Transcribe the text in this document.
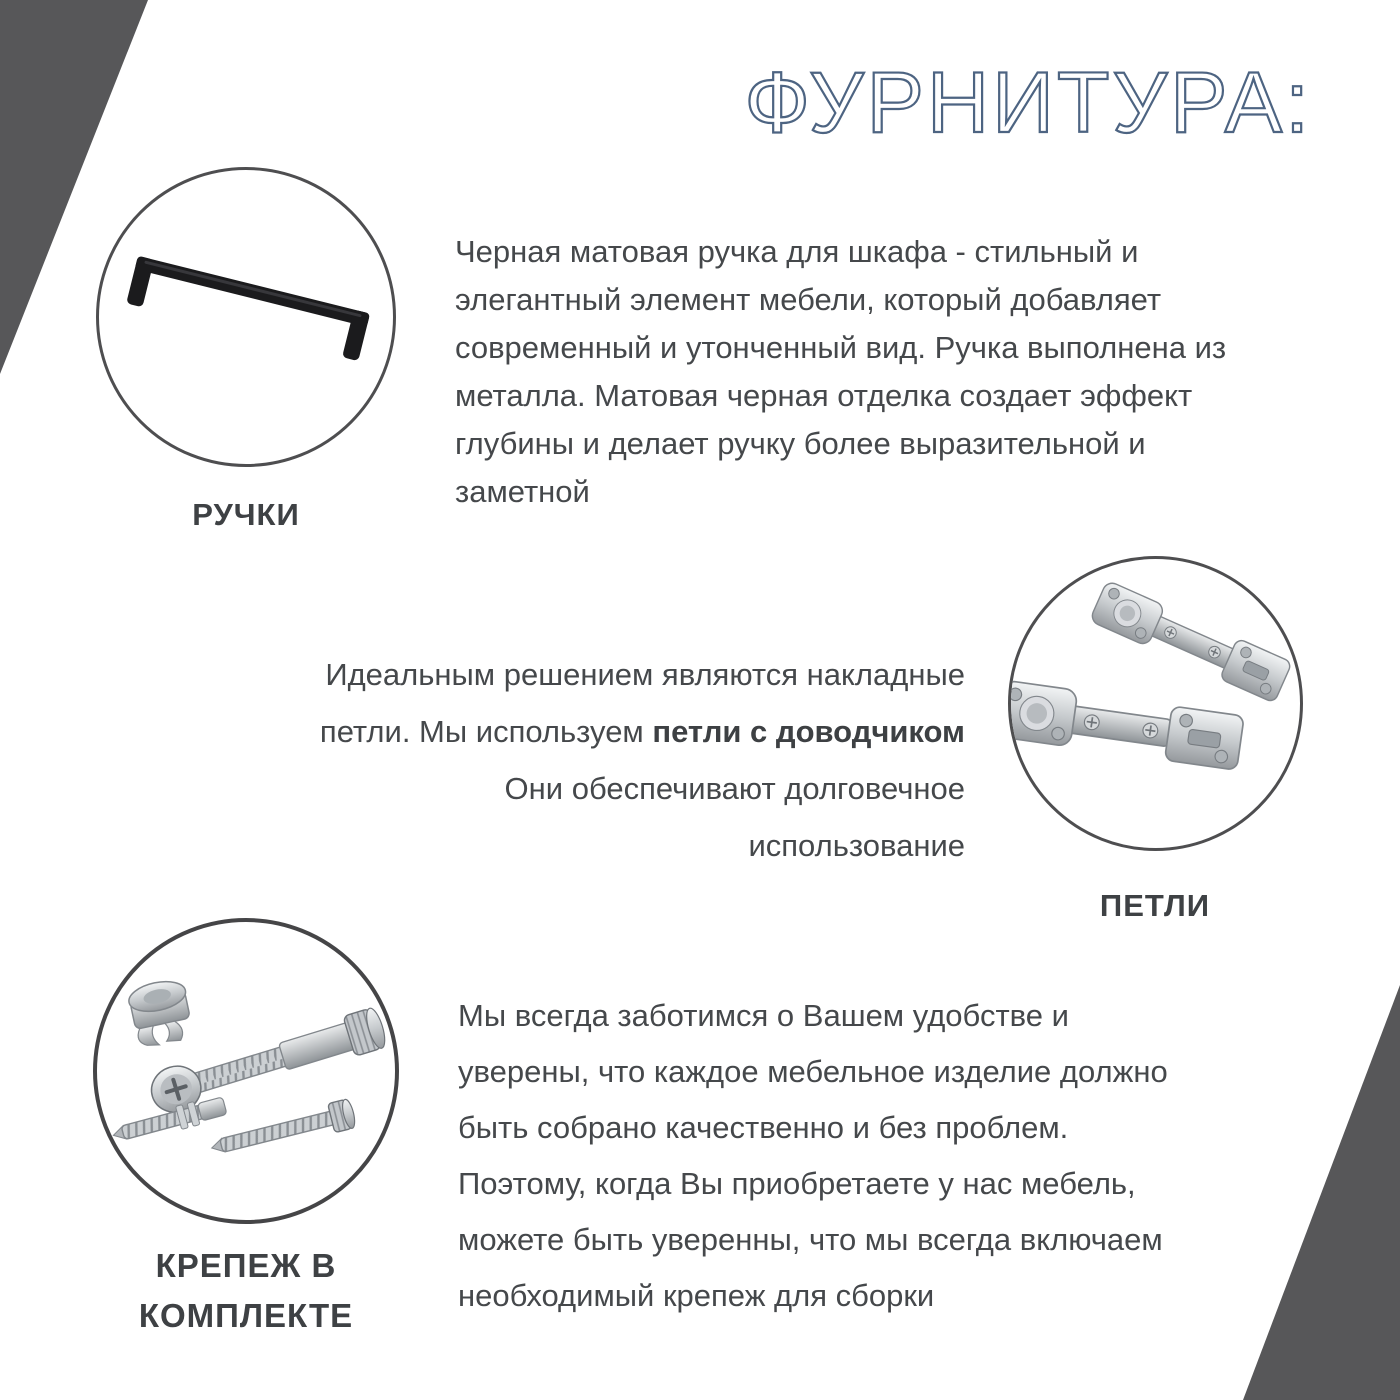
ФУРНИТУРА:
РУЧКИ
Черная матовая ручка для шкафа - стильный и
элегантный элемент мебели, который добавляет
современный и утонченный вид. Ручка выполнена из
металла. Матовая черная отделка создает эффект
глубины и делает ручку более выразительной и
заметной
Идеальным решением являются накладные
петли. Мы используем петли с доводчиком
Они обеспечивают долговечное
использование
ПЕТЛИ
КРЕПЕЖ В
КОМПЛЕКТЕ
Мы всегда заботимся о Вашем удобстве и
уверены, что каждое мебельное изделие должно
быть собрано качественно и без проблем.
Поэтому, когда Вы приобретаете у нас мебель,
можете быть уверенны, что мы всегда включаем
необходимый крепеж для сборки
